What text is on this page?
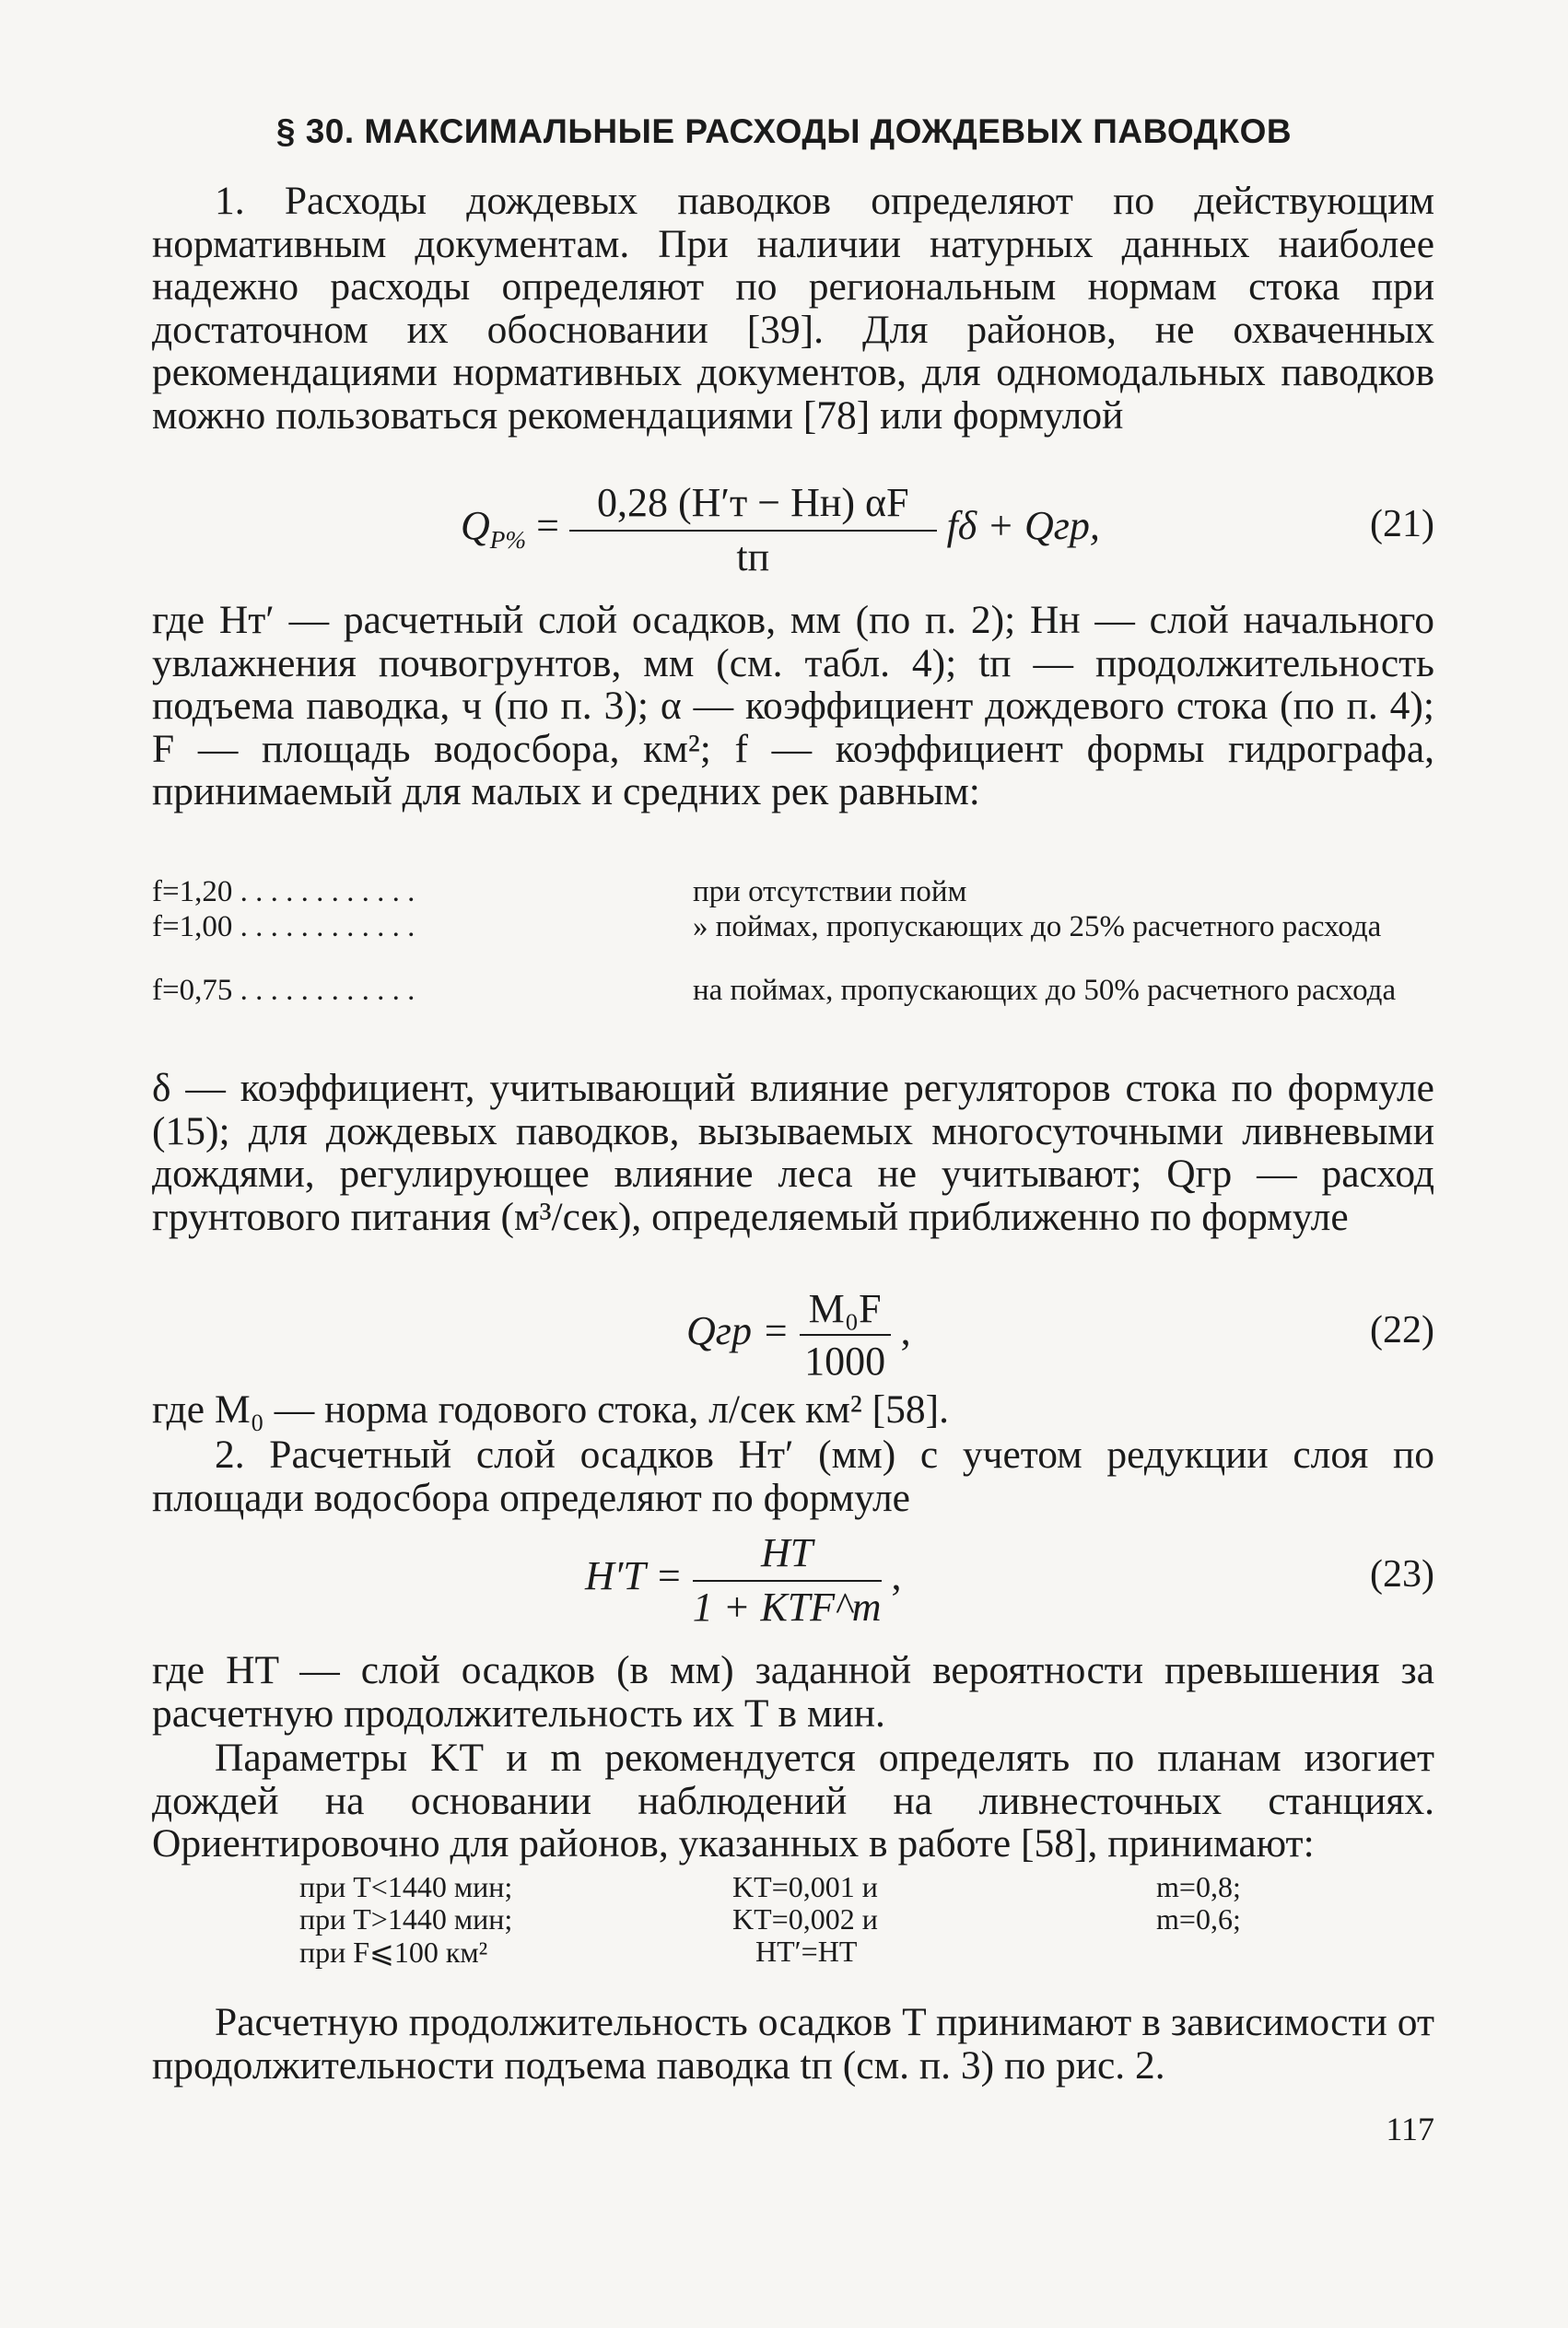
§ 30. МАКСИМАЛЬНЫЕ РАСХОДЫ ДОЖДЕВЫХ ПАВОДКОВ

1. Расходы дождевых паводков определяют по действующим нормативным документам. При наличии натурных данных наиболее надежно расходы определяют по региональным нормам стока при достаточном их обосновании [39]. Для районов, не охваченных рекомендациями нормативных документов, для одномодальных паводков можно пользоваться рекомендациями [78] или формулой

$Q_{P\%} = \frac{0,28 (H'т - Hн) \alpha F}{tп}$ fδ + Qгр,	(21)

где Hт′ — расчетный слой осадков, мм (по п. 2); Hн — слой начального увлажнения почвогрунтов, мм (см. табл. 4); tп — продолжительность подъема паводка, ч (по п. 3); α — коэффициент дождевого стока (по п. 4); F — площадь водосбора, км²; f — коэффициент формы гидрографа, принимаемый для малых и средних рек равным:

f=1,20 . . . . . . . . . . . .	при отсутствии пойм
f=1,00 . . . . . . . . . . . .	» поймах, пропускающих до 25% расчетного расхода
f=0,75 . . . . . . . . . . . .	на поймах, пропускающих до 50% расчетного расхода

δ — коэффициент, учитывающий влияние регуляторов стока по формуле (15); для дождевых паводков, вызываемых многосуточными ливневыми дождями, регулирующее влияние леса не учитывают; Qгр — расход грунтового питания (м³/сек), определяемый приближенно по формуле

Qгр = $\frac{\text{M₀F}}{1000}$ ,	(22)

где M₀ — норма годового стока, л/сек км² [58].

2. Расчетный слой осадков Hт′ (мм) с учетом редукции слоя по площади водосбора определяют по формуле

$H'T = \frac{HT}{\text{1 + KTF\textasciicircum{}m}}$ ,	(23)

где HT — слой осадков (в мм) заданной вероятности превышения за расчетную продолжительность их T в мин.

Параметры KT и m рекомендуется определять по планам изогиет дождей на основании наблюдений на ливнесточных станциях. Ориентировочно для районов, указанных в работе [58], принимают:

при T<1440 мин;	KT=0,001 и	m=0,8;
при T>1440 мин;	KT=0,002 и	m=0,6;
при F⩽100 км²	HT′=HT

Расчетную продолжительность осадков T принимают в зависимости от продолжительности подъема паводка tп (см. п. 3) по рис. 2.

117
